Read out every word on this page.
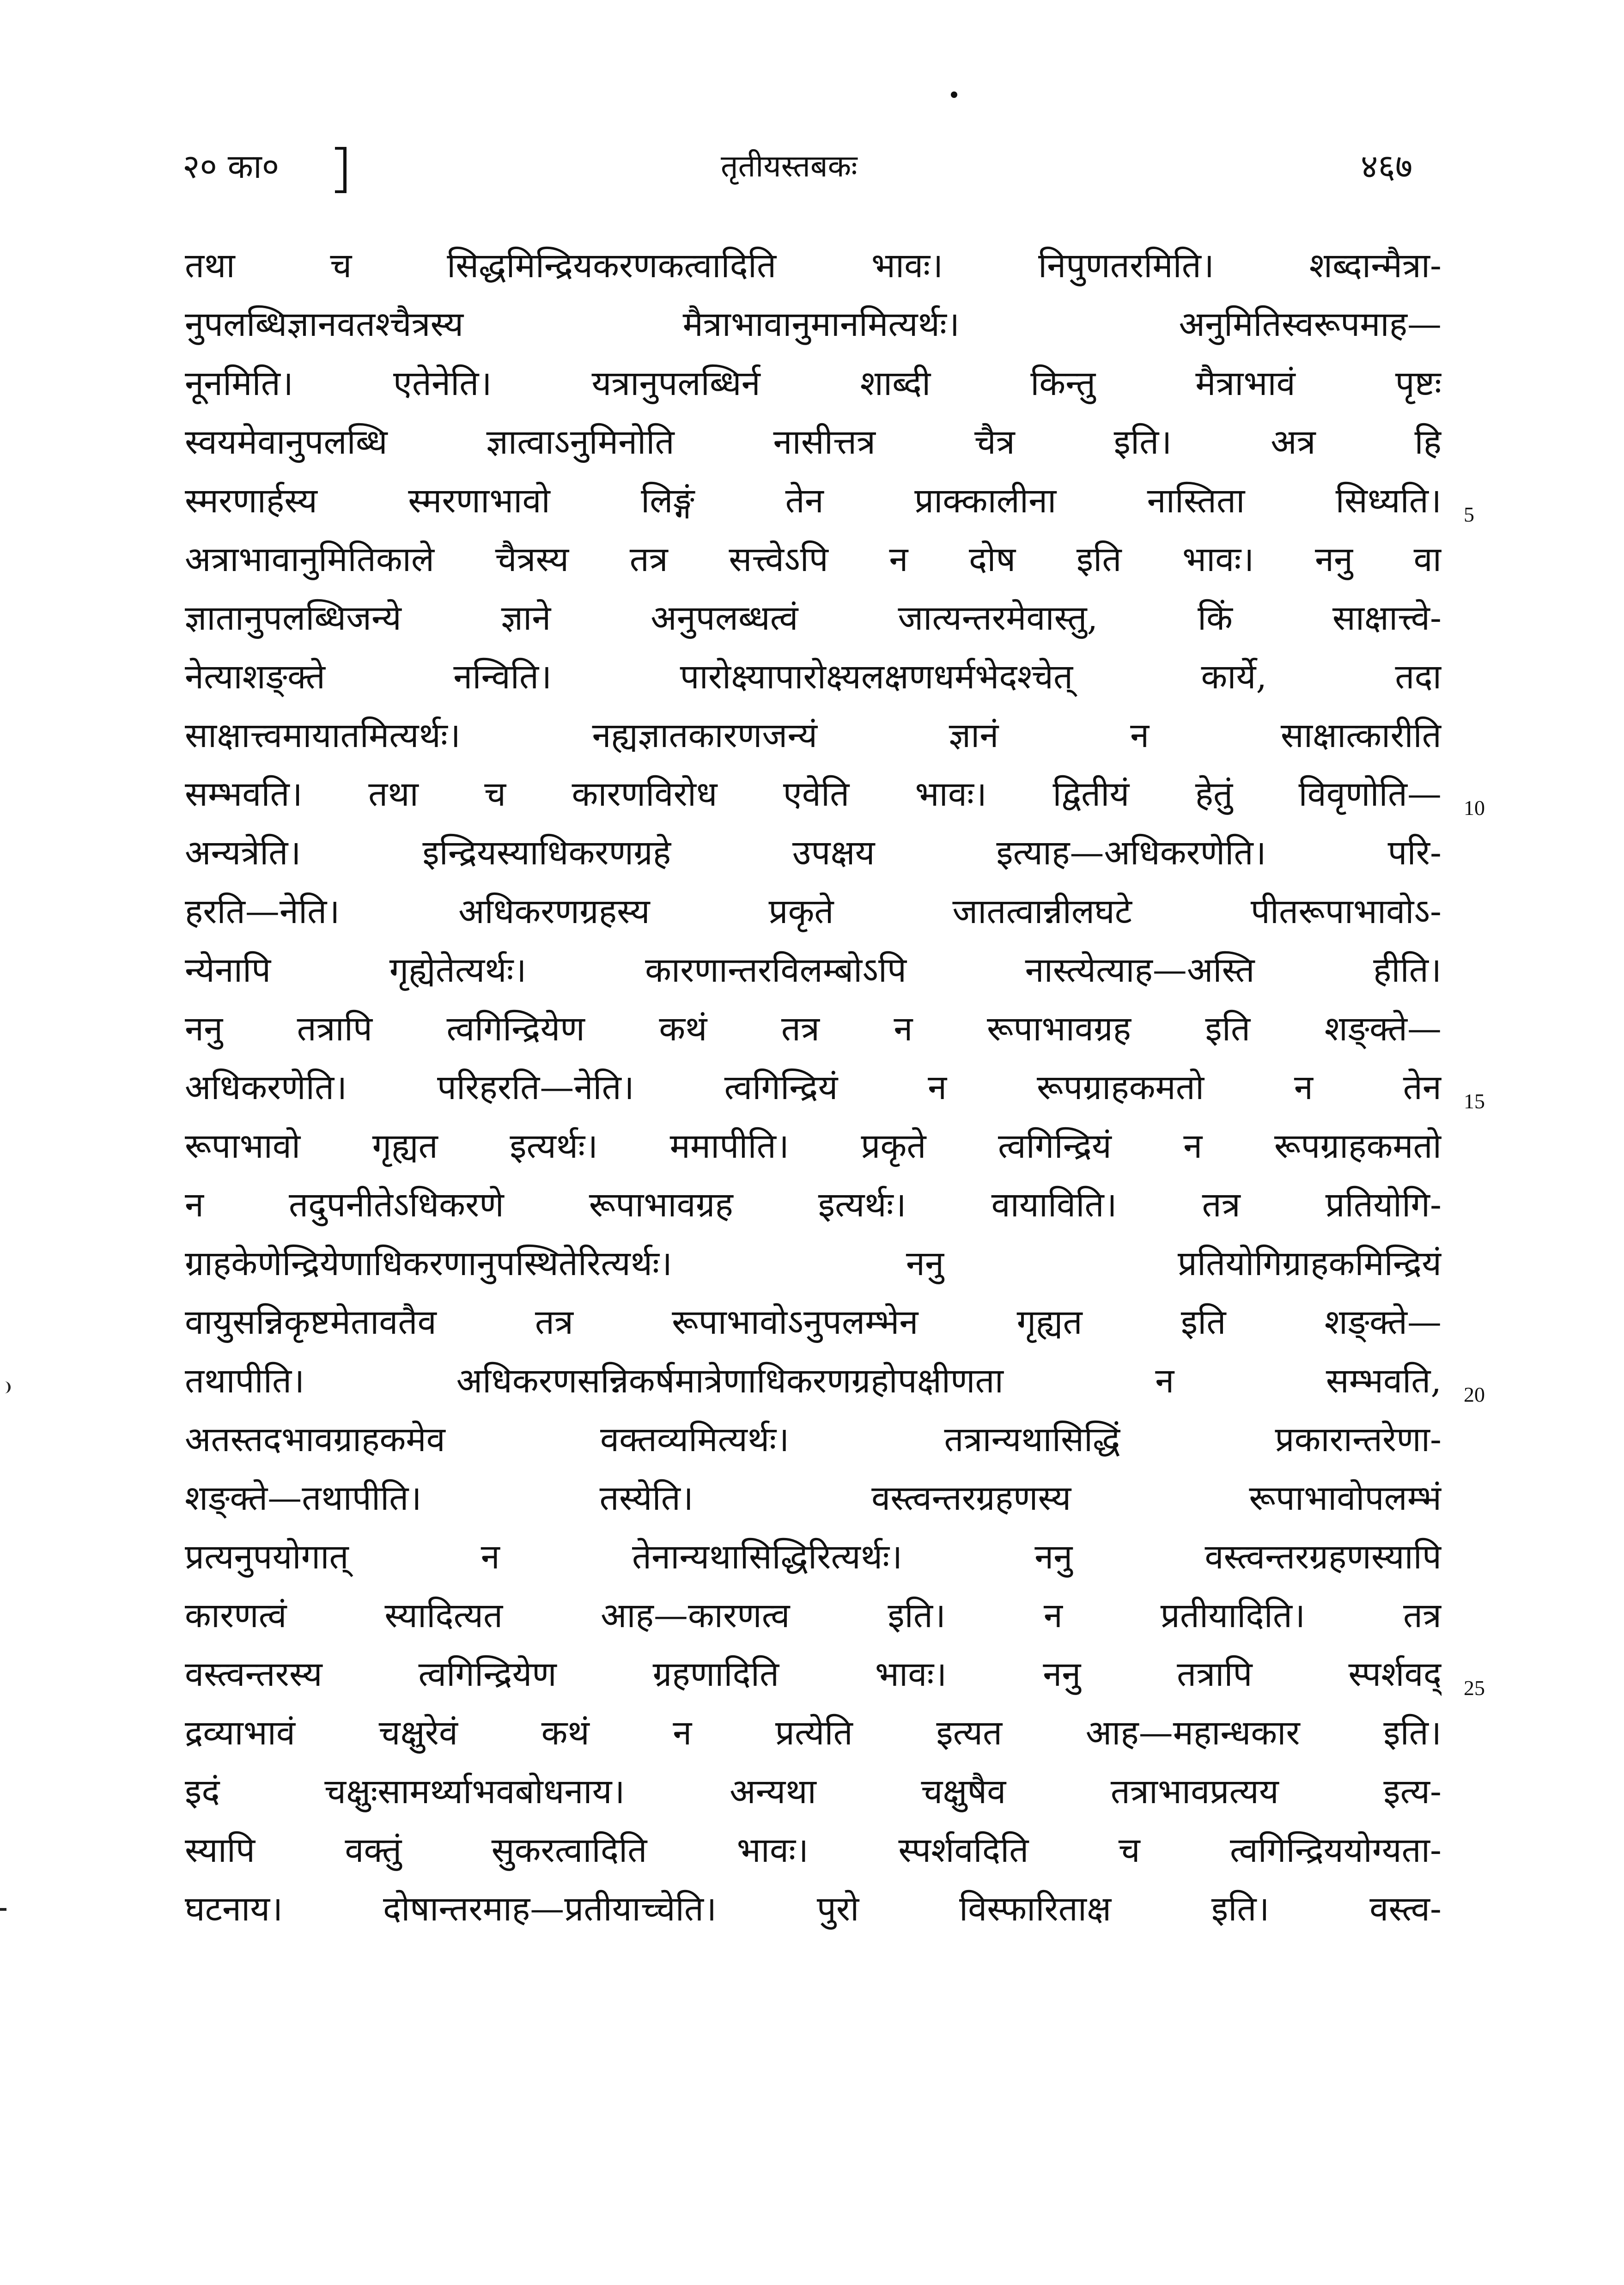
२० का०	तृतीयस्तबकः	४६७
तथा च सिद्धमिन्द्रियकरणकत्वादिति भावः। निपुणतरमिति। शब्दान्मैत्रा-
नुपलब्धिज्ञानवतश्चैत्रस्य मैत्राभावानुमानमित्यर्थः। अनुमितिस्वरूपमाह—
नूनमिति। एतेनेति। यत्रानुपलब्धिर्न शाब्दी किन्तु मैत्राभावं पृष्टः
स्वयमेवानुपलब्धि ज्ञात्वाऽनुमिनोति नासीत्तत्र चैत्र इति। अत्र हि
स्मरणार्हस्य स्मरणाभावो लिङ्गं तेन प्राक्कालीना नास्तिता सिध्यति।
अत्राभावानुमितिकाले चैत्रस्य तत्र सत्त्वेऽपि न दोष इति भावः। ननु वा
ज्ञातानुपलब्धिजन्ये ज्ञाने अनुपलब्धत्वं जात्यन्तरमेवास्तु, किं साक्षात्त्वे-
नेत्याशङ्क्ते नन्विति। पारोक्ष्यापारोक्ष्यलक्षणधर्मभेदश्चेत् कार्ये, तदा
साक्षात्त्वमायातमित्यर्थः। नह्यज्ञातकारणजन्यं ज्ञानं न साक्षात्कारीति
सम्भवति। तथा च कारणविरोध एवेति भावः। द्वितीयं हेतुं विवृणोति—
अन्यत्रेति। इन्द्रियस्याधिकरणग्रहे उपक्षय इत्याह—अधिकरणेति। परि-
हरति—नेति। अधिकरणग्रहस्य प्रकृते जातत्वान्नीलघटे पीतरूपाभावोऽ-
न्येनापि गृह्येतेत्यर्थः। कारणान्तरविलम्बोऽपि नास्त्येत्याह—अस्ति हीति।
ननु तत्रापि त्वगिन्द्रियेण कथं तत्र न रूपाभावग्रह इति शङ्क्ते—
अधिकरणेति। परिहरति—नेति। त्वगिन्द्रियं न रूपग्राहकमतो न तेन
रूपाभावो गृह्यत इत्यर्थः। ममापीति। प्रकृते त्वगिन्द्रियं न रूपग्राहकमतो
न तदुपनीतेऽधिकरणे रूपाभावग्रह इत्यर्थः। वायाविति। तत्र प्रतियोगि-
ग्राहकेणेन्द्रियेणाधिकरणानुपस्थितेरित्यर्थः। ननु प्रतियोगिग्राहकमिन्द्रियं
वायुसन्निकृष्टमेतावतैव तत्र रूपाभावोऽनुपलम्भेन गृह्यत इति शङ्क्ते—
तथापीति। अधिकरणसन्निकर्षमात्रेणाधिकरणग्रहोपक्षीणता न सम्भवति,
अतस्तदभावग्राहकमेव वक्तव्यमित्यर्थः। तत्रान्यथासिद्धिं प्रकारान्तरेणा-
शङ्क्ते—तथापीति। तस्येति। वस्त्वन्तरग्रहणस्य रूपाभावोपलम्भं
प्रत्यनुपयोगात् न तेनान्यथासिद्धिरित्यर्थः। ननु वस्त्वन्तरग्रहणस्यापि
कारणत्वं स्यादित्यत आह—कारणत्व इति। न प्रतीयादिति। तत्र
वस्त्वन्तरस्य त्वगिन्द्रियेण ग्रहणादिति भावः। ननु तत्रापि स्पर्शवद्
द्रव्याभावं चक्षुरेवं कथं न प्रत्येति इत्यत आह—महान्धकार इति।
इदं चक्षुःसामर्थ्याभवबोधनाय। अन्यथा चक्षुषैव तत्राभावप्रत्यय इत्य-
स्यापि वक्तुं सुकरत्वादिति भावः। स्पर्शवदिति च त्वगिन्द्रिययोग्यता-
घटनाय। दोषान्तरमाह—प्रतीयाच्चेति। पुरो विस्फारिताक्ष इति। वस्त्व-
5
10
15
20
25
